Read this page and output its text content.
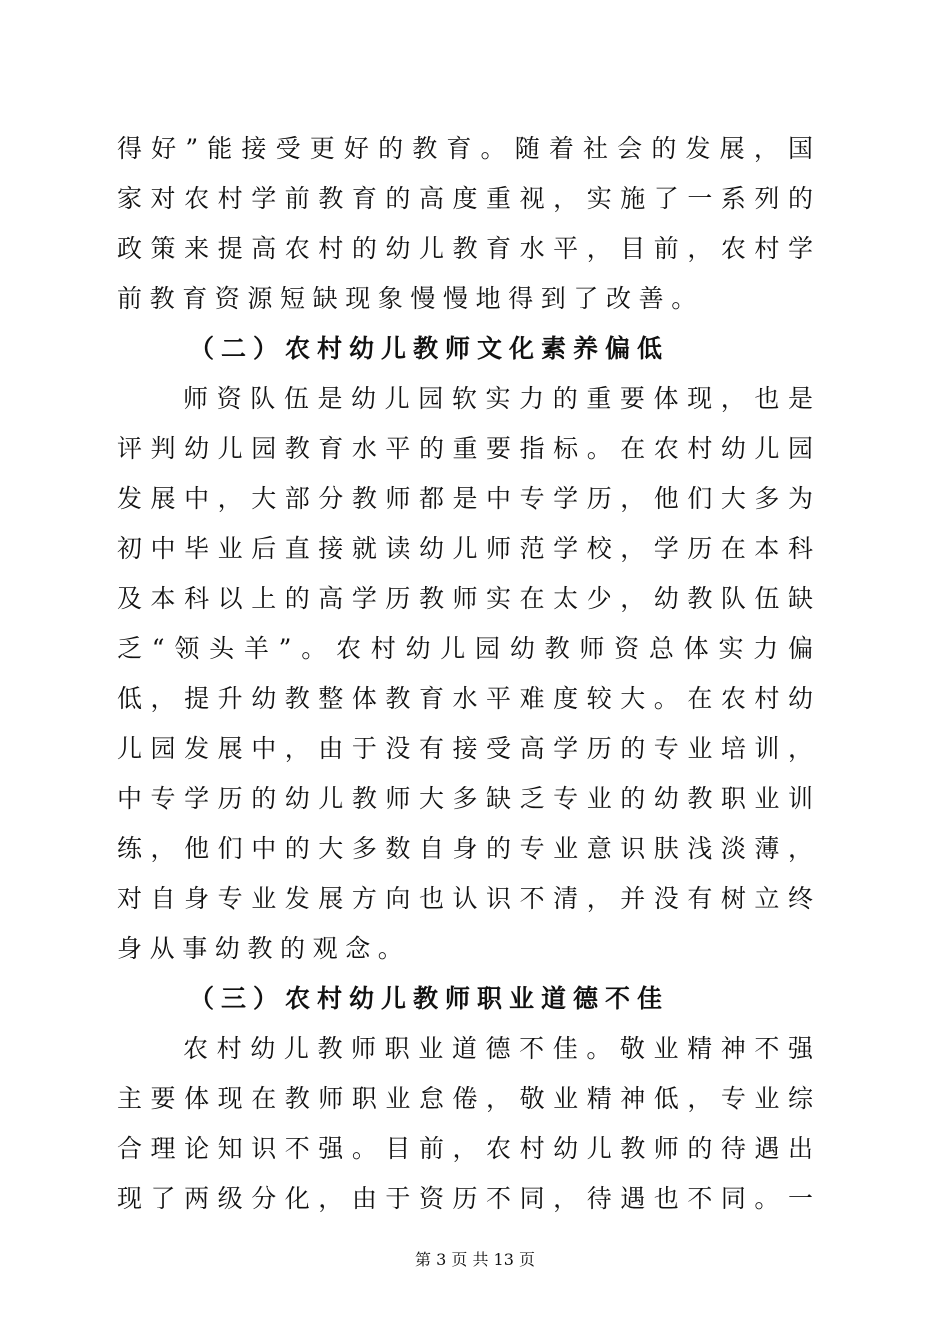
得好”能接受更好的教育。随着社会的发展，国
家对农村学前教育的高度重视，实施了一系列的
政策来提高农村的幼儿教育水平，目前，农村学
前教育资源短缺现象慢慢地得到了改善。
（二）农村幼儿教师文化素养偏低
师资队伍是幼儿园软实力的重要体现，也是
评判幼儿园教育水平的重要指标。在农村幼儿园
发展中，大部分教师都是中专学历，他们大多为
初中毕业后直接就读幼儿师范学校，学历在本科
及本科以上的高学历教师实在太少，幼教队伍缺
乏“领头羊”。农村幼儿园幼教师资总体实力偏
低，提升幼教整体教育水平难度较大。在农村幼
儿园发展中，由于没有接受高学历的专业培训，
中专学历的幼儿教师大多缺乏专业的幼教职业训
练，他们中的大多数自身的专业意识肤浅淡薄，
对自身专业发展方向也认识不清，并没有树立终
身从事幼教的观念。
（三）农村幼儿教师职业道德不佳
农村幼儿教师职业道德不佳。敬业精神不强
主要体现在教师职业怠倦，敬业精神低，专业综
合理论知识不强。目前，农村幼儿教师的待遇出
现了两级分化，由于资历不同，待遇也不同。一
第 3 页 共 13 页
